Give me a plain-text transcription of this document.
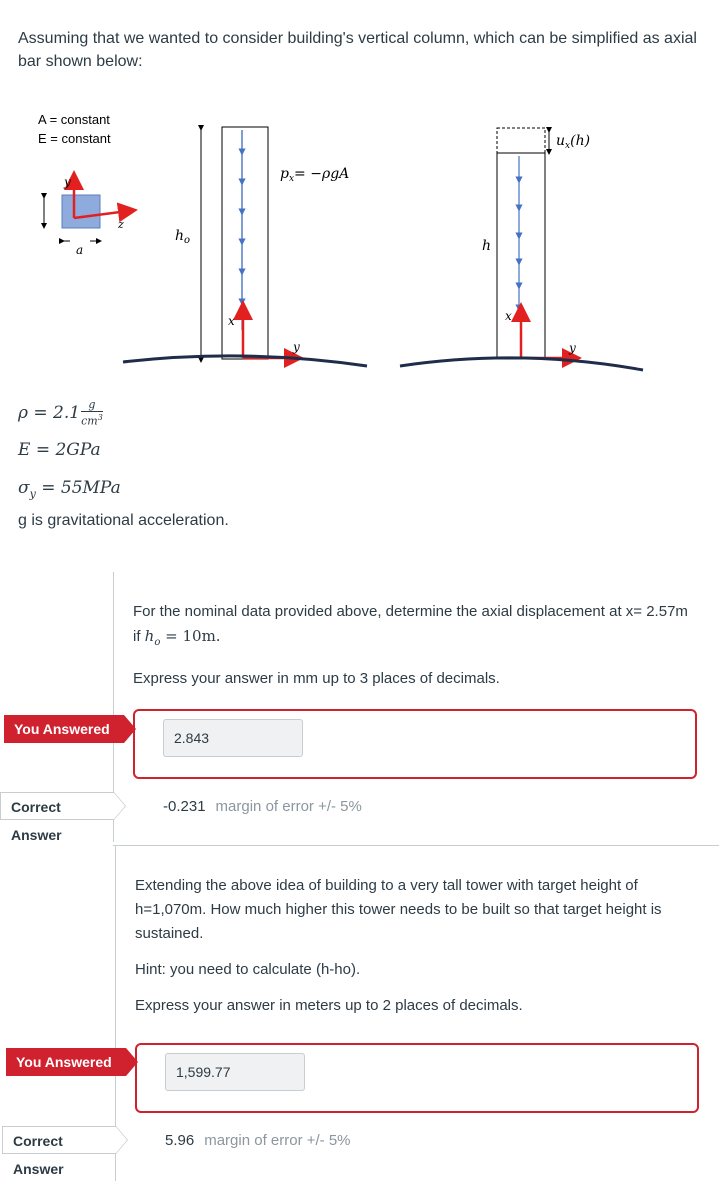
Assuming that we wanted to consider building's vertical column, which can be simplified as axial bar shown below:
A = constant
E = constant
y
z
a
$h_o$
$p_x= -\rho gA$
x
y
h
$u_x(h)$
x
y
$\rho = 2.1 \frac{g}{cm^3}$
E = 2GPa
$\sigma_y = 55MPa$
g is gravitational acceleration.

For the nominal data provided above, determine the axial displacement at x= 2.57m if $h_o = 10m$.

Express your answer in mm up to 3 places of decimals.

You Answered
2.843
Correct Answer
-0.231 margin of error +/- 5%

Extending the above idea of building to a very tall tower with target height of h=1,070m. How much higher this tower needs to be built so that target height is sustained.

Hint: you need to calculate (h-ho).

Express your answer in meters up to 2 places of decimals.

You Answered
1,599.77
Correct Answer
5.96 margin of error +/- 5%
